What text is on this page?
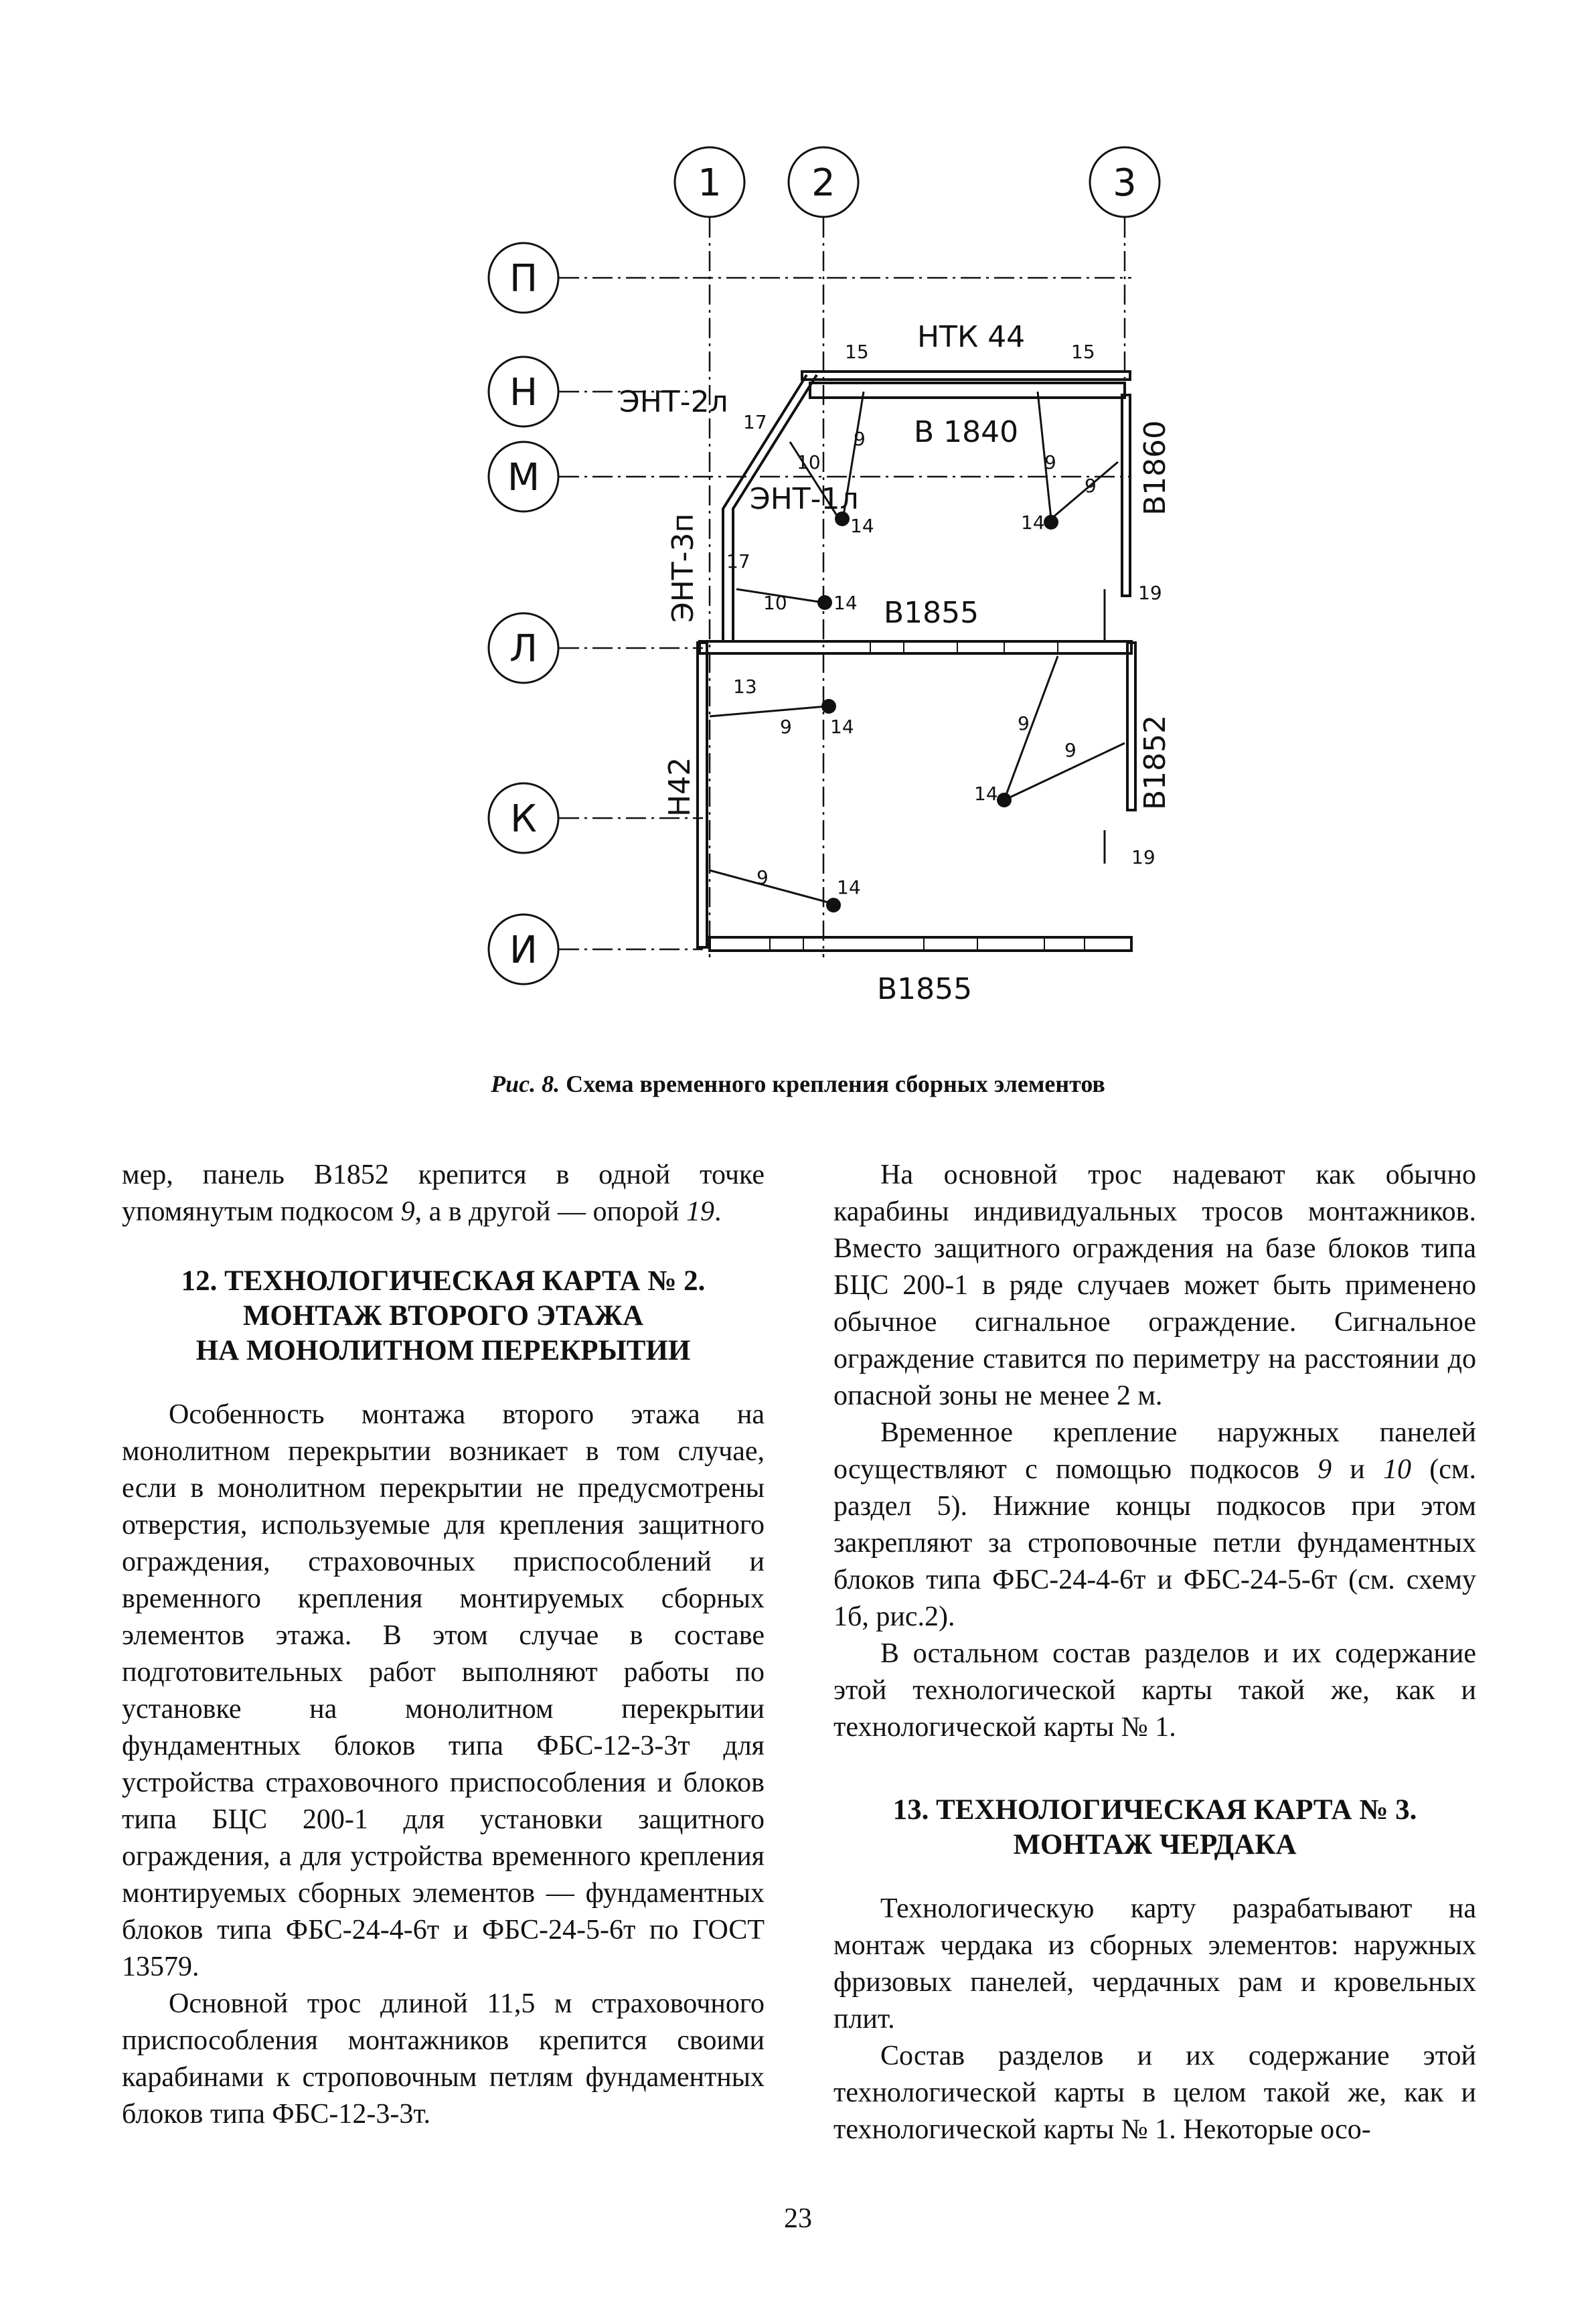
1 2	3
П
Н
М
Л
К
И
НТК 44
В 1840
В1855
В1855
ЭНТ-2л
ЭНТ-1л	В1860
В1852
ЭНТ-3п
Н42
15	15
17
10
9
9
14	14
9
17
10 14	19
13
9 14	9
9
14
19
9	14
Рис. 8. Схема временного крепления сборных элементов

мер, панель В1852 крепится в одной точке упомянутым подкосом 9, а в другой — опорой 19.

12. ТЕХНОЛОГИЧЕСКАЯ КАРТА № 2.
МОНТАЖ ВТОРОГО ЭТАЖА
НА МОНОЛИТНОМ ПЕРЕКРЫТИИ

Особенность монтажа второго этажа на монолитном перекрытии возникает в том случае, если в монолитном перекрытии не предусмотрены отверстия, используемые для крепления защитного ограждения, страховочных приспособлений и временного крепления монтируемых сборных элементов этажа. В этом случае в составе подготовительных работ выполняют работы по установке на монолитном перекрытии фундаментных блоков типа ФБС-12-3-3т для устройства страховочного приспособления и блоков типа БЦС 200-1 для установки защитного ограждения, а для устройства временного крепления монтируемых сборных элементов — фундаментных блоков типа ФБС-24-4-6т и ФБС-24-5-6т по ГОСТ 13579.

Основной трос длиной 11,5 м страховочного приспособления монтажников крепится своими карабинами к строповочным петлям фундаментных блоков типа ФБС-12-3-3т.

На основной трос надевают как обычно карабины индивидуальных тросов монтажников. Вместо защитного ограждения на базе блоков типа БЦС 200-1 в ряде случаев может быть применено обычное сигнальное ограждение. Сигнальное ограждение ставится по периметру на расстоянии до опасной зоны не менее 2 м.

Временное крепление наружных панелей осуществляют с помощью подкосов 9 и 10 (см. раздел 5). Нижние концы подкосов при этом закрепляют за строповочные петли фундаментных блоков типа ФБС-24-4-6т и ФБС-24-5-6т (см. схему 1б, рис.2).

В остальном состав разделов и их содержание этой технологической карты такой же, как и технологической карты № 1.

13. ТЕХНОЛОГИЧЕСКАЯ КАРТА № 3.
МОНТАЖ ЧЕРДАКА

Технологическую карту разрабатывают на монтаж чердака из сборных элементов: наружных фризовых панелей, чердачных рам и кровельных плит.

Состав разделов и их содержание этой технологической карты в целом такой же, как и технологической карты № 1. Некоторые осо-

23
